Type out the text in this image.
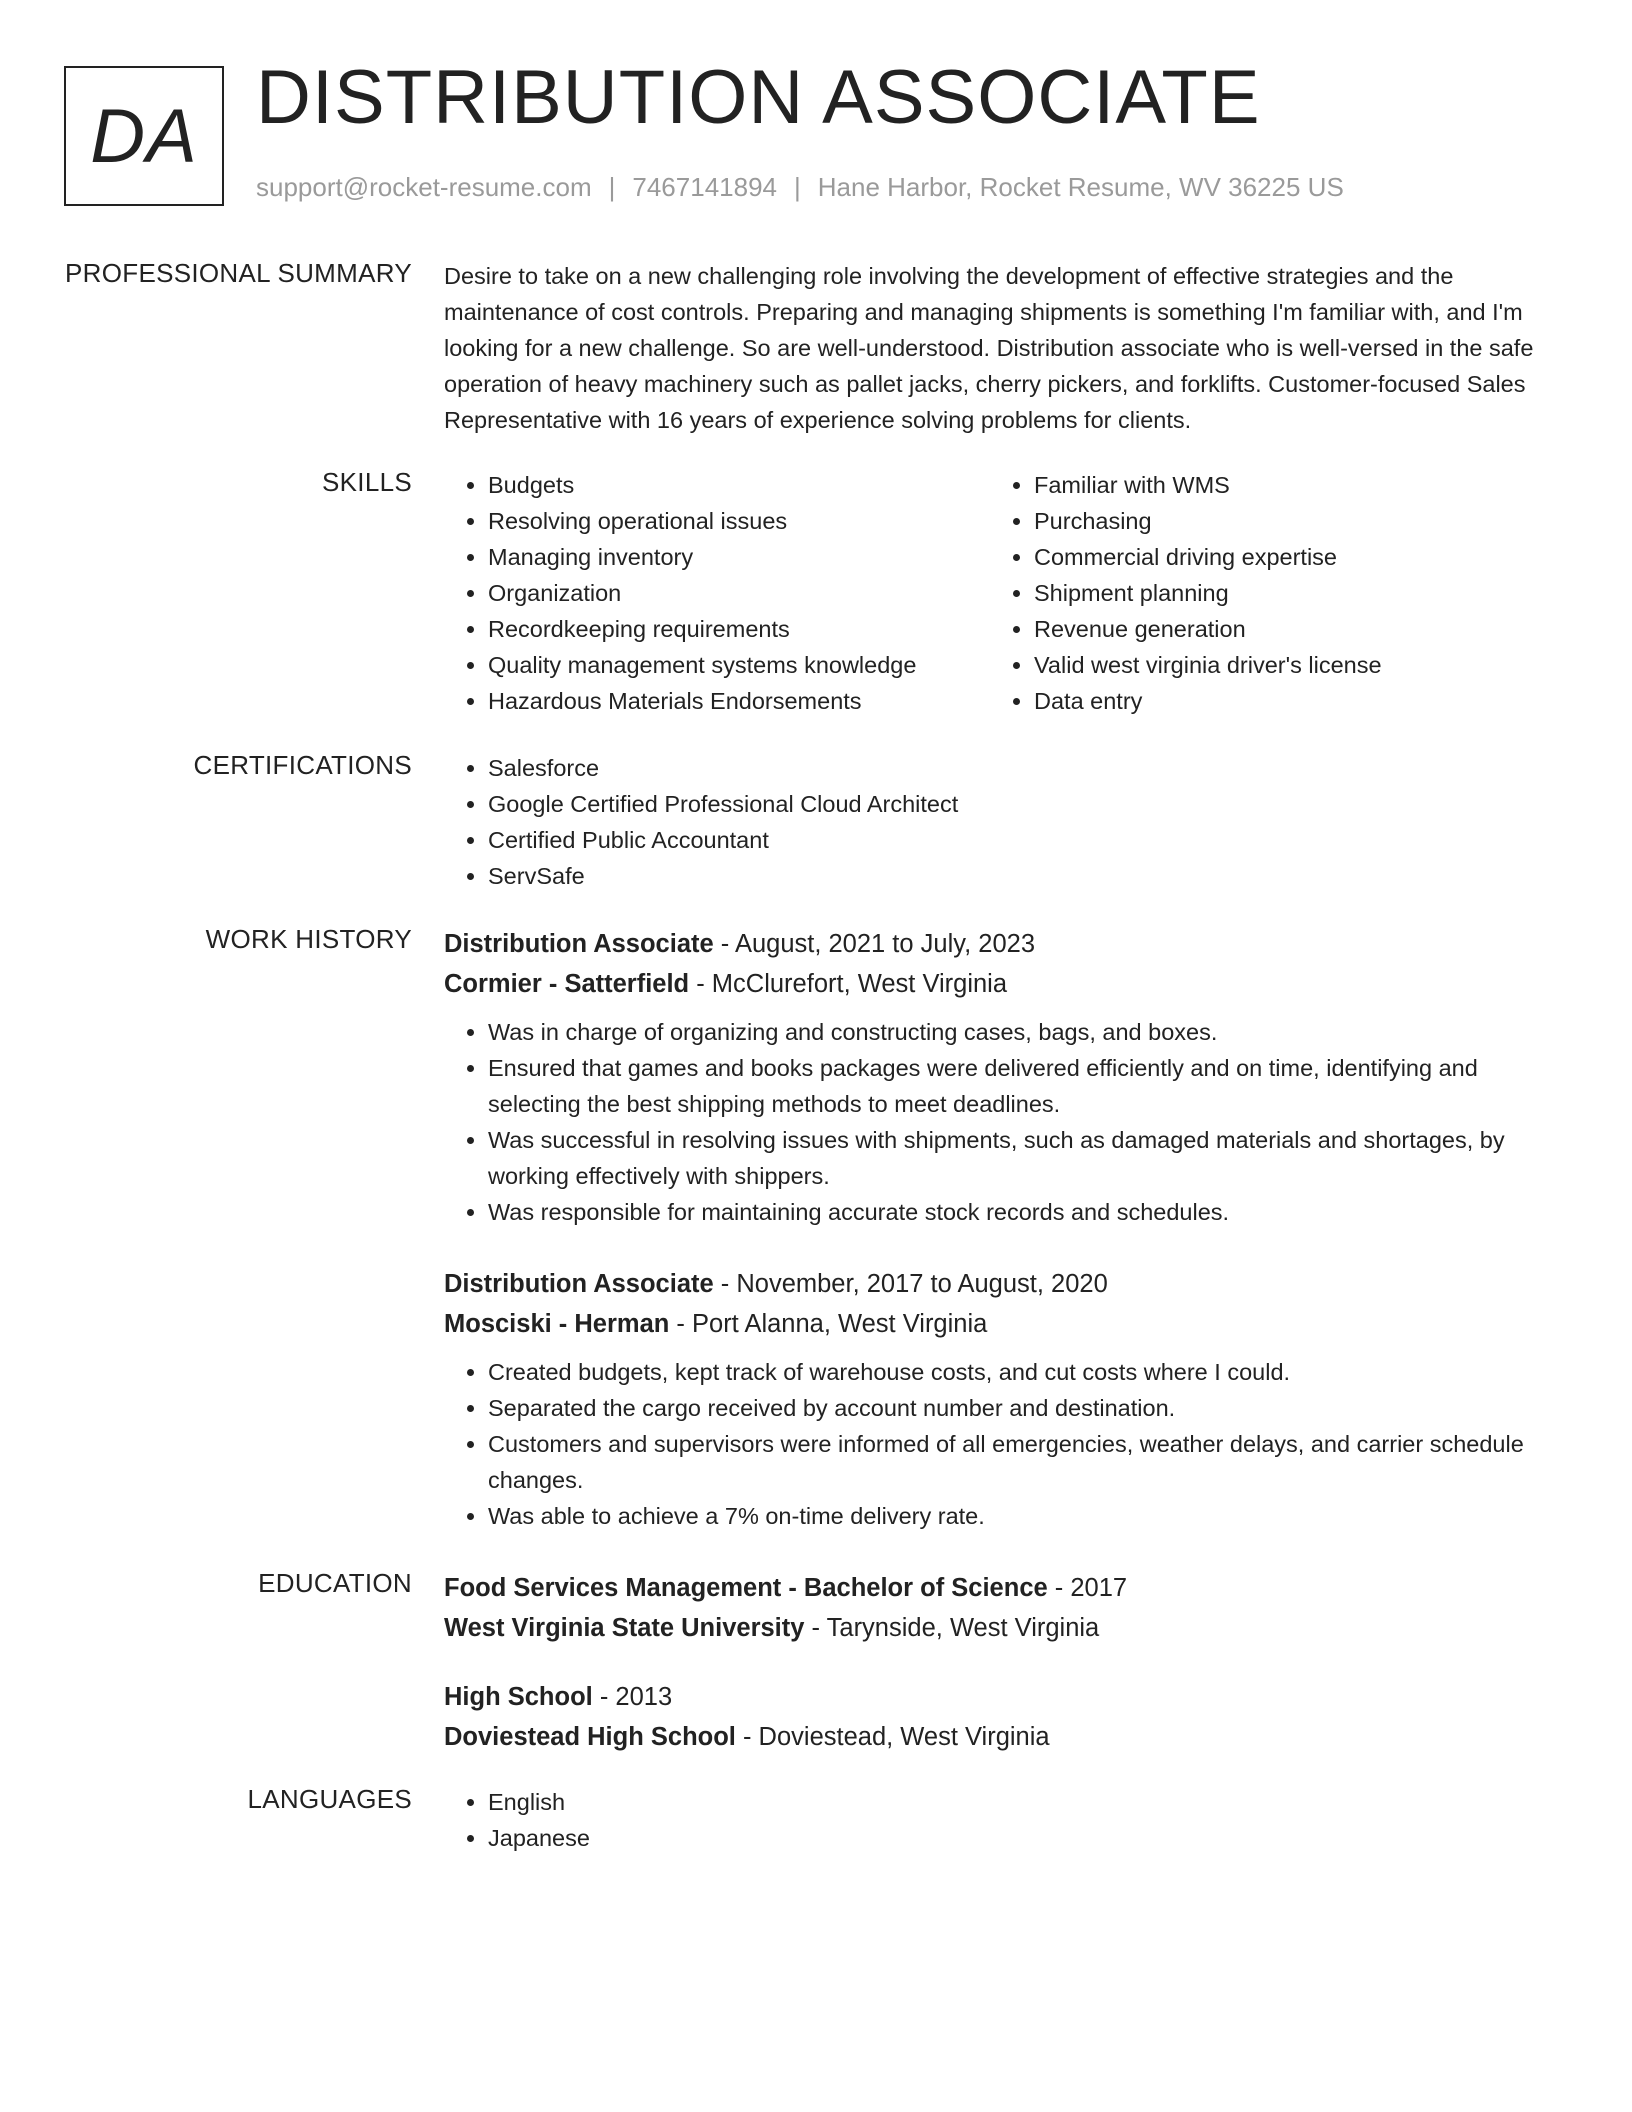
DA DISTRIBUTION ASSOCIATE
support@rocket-resume.com | 7467141894 | Hane Harbor, Rocket Resume, WV 36225 US
PROFESSIONAL SUMMARY Desire to take on a new challenging role involving the development of effective strategies and the maintenance of cost controls. Preparing and managing shipments is something I'm familiar with, and I'm looking for a new challenge. So are well-understood. Distribution associate who is well-versed in the safe operation of heavy machinery such as pallet jacks, cherry pickers, and forklifts. Customer-focused Sales Representative with 16 years of experience solving problems for clients.
SKILLS	• Budgets
• Resolving operational issues
• Managing inventory
• Organization
• Recordkeeping requirements
• Quality management systems knowledge
• Hazardous Materials Endorsements
• Familiar with WMS
• Purchasing
• Commercial driving expertise
• Shipment planning
• Revenue generation
• Valid west virginia driver's license
• Data entry
CERTIFICATIONS	• Salesforce
• Google Certified Professional Cloud Architect
• Certified Public Accountant
• ServSafe
WORK HISTORY Distribution Associate - August, 2021 to July, 2023
Cormier - Satterfield - McClurefort, West Virginia
• Was in charge of organizing and constructing cases, bags, and boxes.
• Ensured that games and books packages were delivered efficiently and on time, identifying and selecting the best shipping methods to meet deadlines.
• Was successful in resolving issues with shipments, such as damaged materials and shortages, by working effectively with shippers.
• Was responsible for maintaining accurate stock records and schedules.
Distribution Associate - November, 2017 to August, 2020
Mosciski - Herman - Port Alanna, West Virginia
• Created budgets, kept track of warehouse costs, and cut costs where I could.
• Separated the cargo received by account number and destination.
• Customers and supervisors were informed of all emergencies, weather delays, and carrier schedule changes.
• Was able to achieve a 7% on-time delivery rate.
EDUCATION Food Services Management - Bachelor of Science - 2017
West Virginia State University - Tarynside, West Virginia
High School - 2013
Doviestead High School - Doviestead, West Virginia
LANGUAGES	• English
• Japanese
